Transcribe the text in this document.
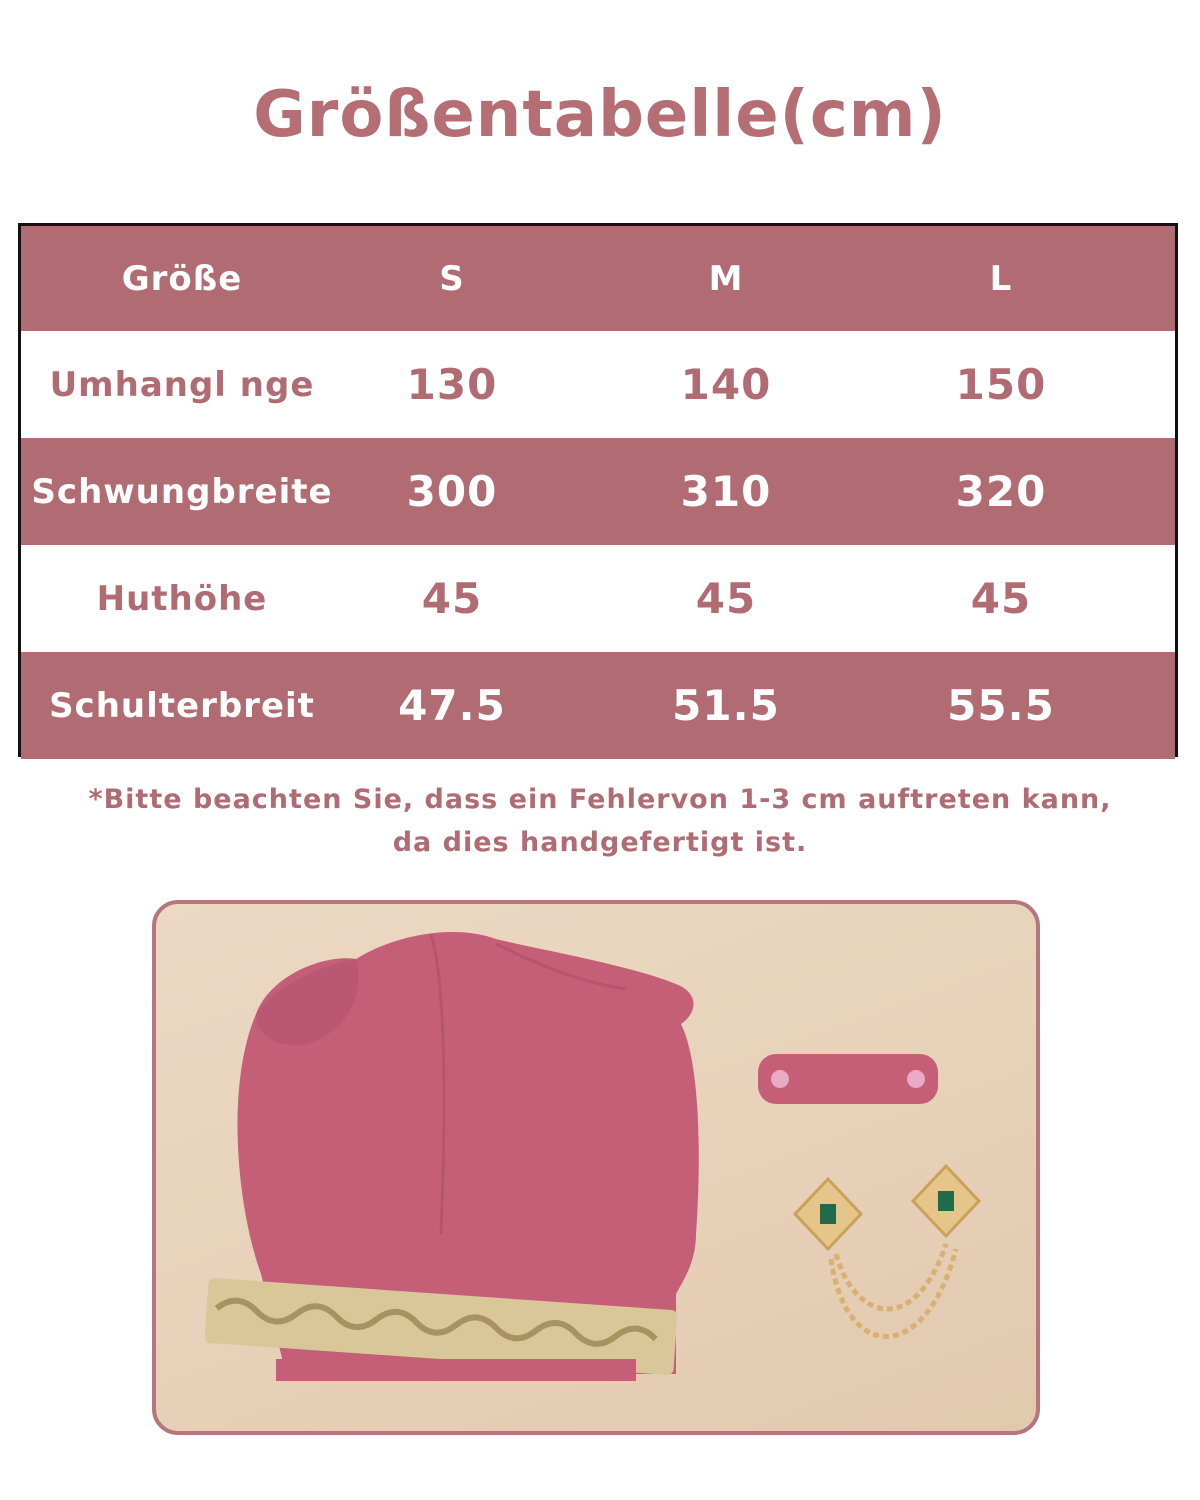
Größentabelle(cm)
Größe	S	M	L
Umhangl nge	130	140	150
Schwungbreite	300	310	320
Huthöhe	45	45	45
Schulterbreit	47.5	51.5	55.5
*Bitte beachten Sie, dass ein Fehlervon 1-3 cm auftreten kann,
da dies handgefertigt ist.
